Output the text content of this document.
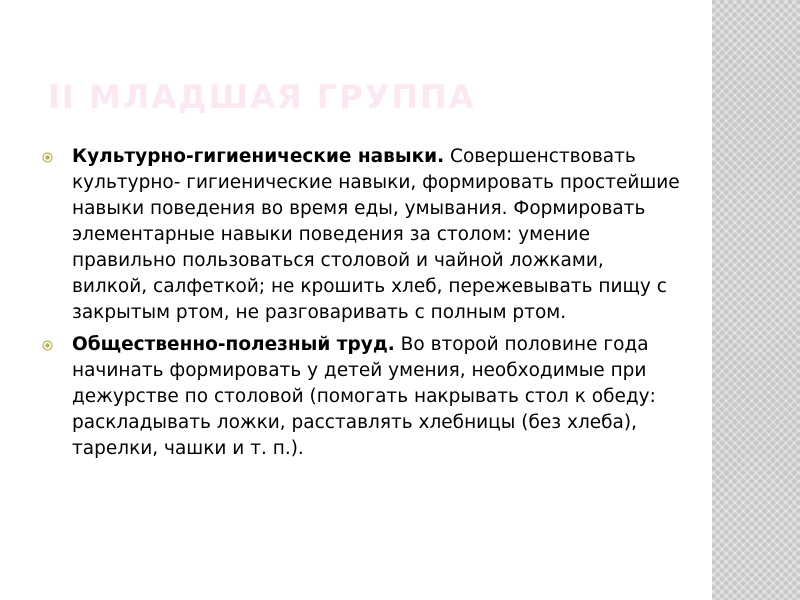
II МЛАДШАЯ ГРУППА
Культурно-гигиенические навыки. Совершенствовать культурно- гигиенические навыки, формировать простейшие навыки поведения во время еды, умывания. Формировать элементарные навыки поведения за столом: умение правильно пользоваться столовой и чайной ложками, вилкой, салфеткой; не крошить хлеб, пережевывать пищу с закрытым ртом, не разговаривать с полным ртом.
Общественно-полезный труд. Во второй половине года начинать формировать у детей умения, необходимые при дежурстве по столовой (помогать накрывать стол к обеду: раскладывать ложки, расставлять хлебницы (без хлеба), тарелки, чашки и т. п.).
